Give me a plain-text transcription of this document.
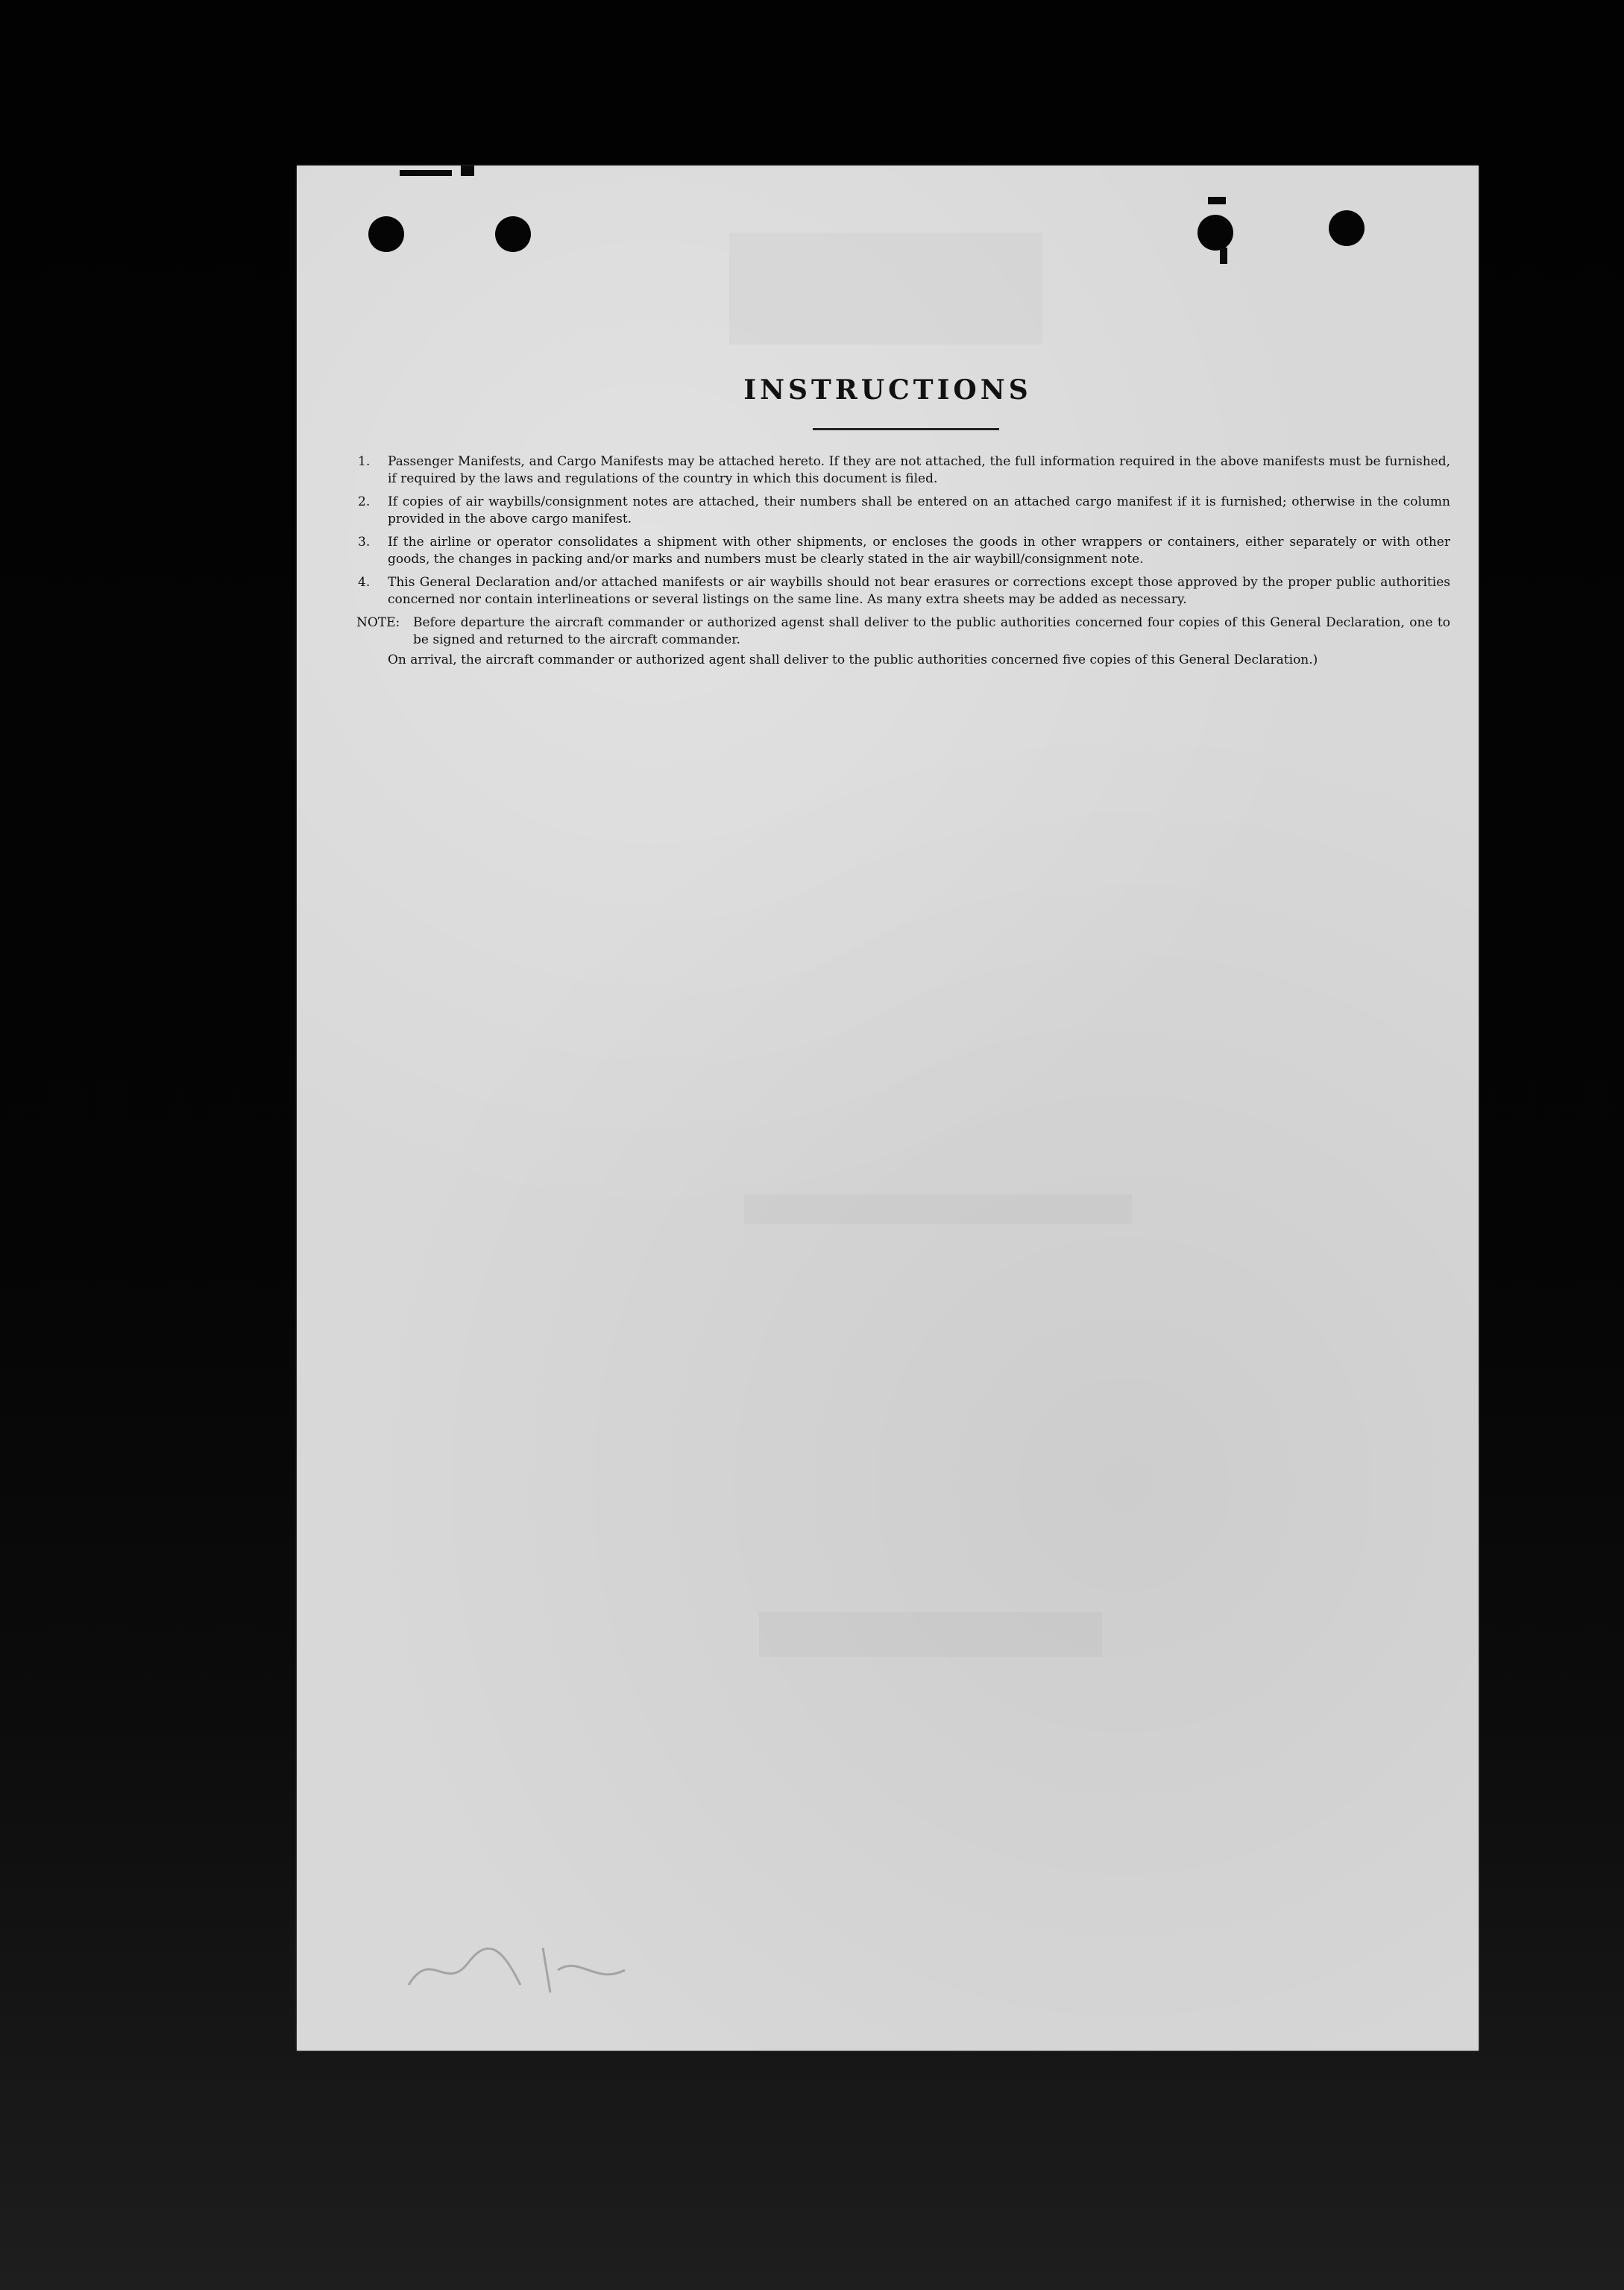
INSTRUCTIONS
1. Passenger Manifests, and Cargo Manifests may be attached hereto. If they are not attached, the full information required in the above manifests must be furnished, if required by the laws and regulations of the country in which this document is filed.
2. If copies of air waybills/consignment notes are attached, their numbers shall be entered on an attached cargo manifest if it is furnished; otherwise in the column provided in the above cargo manifest.
3. If the airline or operator consolidates a shipment with other shipments, or encloses the goods in other wrappers or containers, either separately or with other goods, the changes in packing and/or marks and numbers must be clearly stated in the air waybill/consignment note.
4. This General Declaration and/or attached manifests or air waybills should not bear erasures or corrections except those approved by the proper public authorities concerned nor contain interlineations or several listings on the same line. As many extra sheets may be added as necessary.
NOTE:	Before departure the aircraft commander or authorized agenst shall deliver to the public authorities concerned four copies of this General Declaration, one to be signed and returned to the aircraft commander.
On arrival, the aircraft commander or authorized agent shall deliver to the public authorities concerned five copies of this General Declaration.)
